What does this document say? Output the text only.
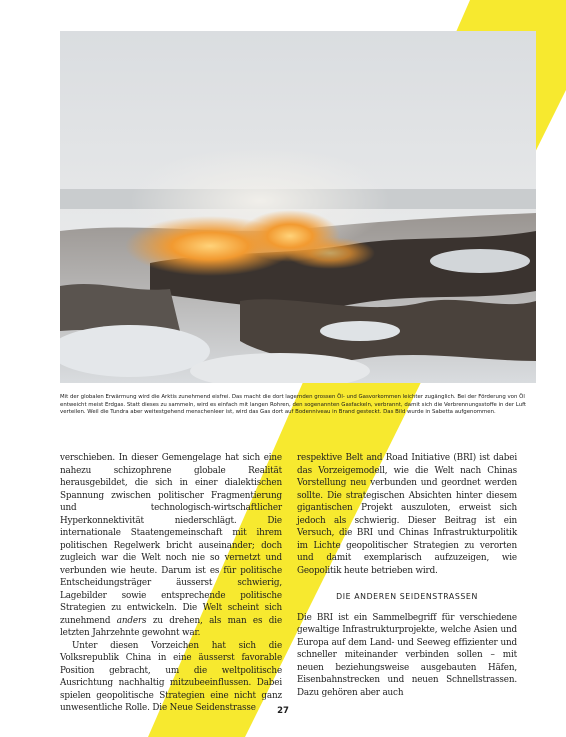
Mit der globalen Erwärmung wird die Arktis zunehmend eisfrei. Das macht die dort lagernden grossen Öl- und Gasvorkommen leichter zugänglich. Bei der Förderung von Öl entweicht meist Erdgas. Statt dieses zu sammeln, wird es einfach mit langen Rohren, den sogenannten Gasfackeln, verbrannt, damit sich die Verbrennungsstoffe in der Luft verteilen. Weil die Tundra aber weitestgehend menschenleer ist, wird das Gas dort auf Bodenniveau in Brand gesteckt. Das Bild wurde in Sabetta aufgenommen.

verschieben. In dieser Gemengelage hat sich eine nahezu schizophrene globale Realität herausgebildet, die sich in einer dialektischen Spannung zwischen politischer Fragmentierung und technologisch-wirtschaftlicher Hyperkonnektivität niederschlägt. Die internationale Staatengemeinschaft mit ihrem politischen Regelwerk bricht auseinander; doch zugleich war die Welt noch nie so vernetzt und verbunden wie heute. Darum ist es für politische Entscheidungsträger äusserst schwierig, Lagebilder sowie entsprechende politische Strategien zu entwickeln. Die Welt scheint sich zunehmend anders zu drehen, als man es die letzten Jahrzehnte gewohnt war.

Unter diesen Vorzeichen hat sich die Volksrepublik China in eine äusserst favorable Position gebracht, um die weltpolitische Ausrichtung nachhaltig mitzubeeinflussen. Dabei spielen geopolitische Strategien eine nicht ganz unwesentliche Rolle. Die Neue Seidenstrasse

respektive Belt and Road Initiative (BRI) ist dabei das Vorzeigemodell, wie die Welt nach Chinas Vorstellung neu verbunden und geordnet werden sollte. Die strategischen Absichten hinter diesem gigantischen Projekt auszuloten, erweist sich jedoch als schwierig. Dieser Beitrag ist ein Versuch, die BRI und Chinas Infrastrukturpolitik im Lichte geopolitischer Strategien zu verorten und damit exemplarisch aufzuzeigen, wie Geopolitik heute betrieben wird.

DIE ANDEREN SEIDENSTRASSEN

Die BRI ist ein Sammelbegriff für verschiedene gewaltige Infrastrukturprojekte, welche Asien und Europa auf dem Land- und Seeweg effizienter und schneller miteinander verbinden sollen – mit neuen beziehungsweise ausgebauten Häfen, Eisenbahnstrecken und neuen Schnellstrassen. Dazu gehören aber auch

27
